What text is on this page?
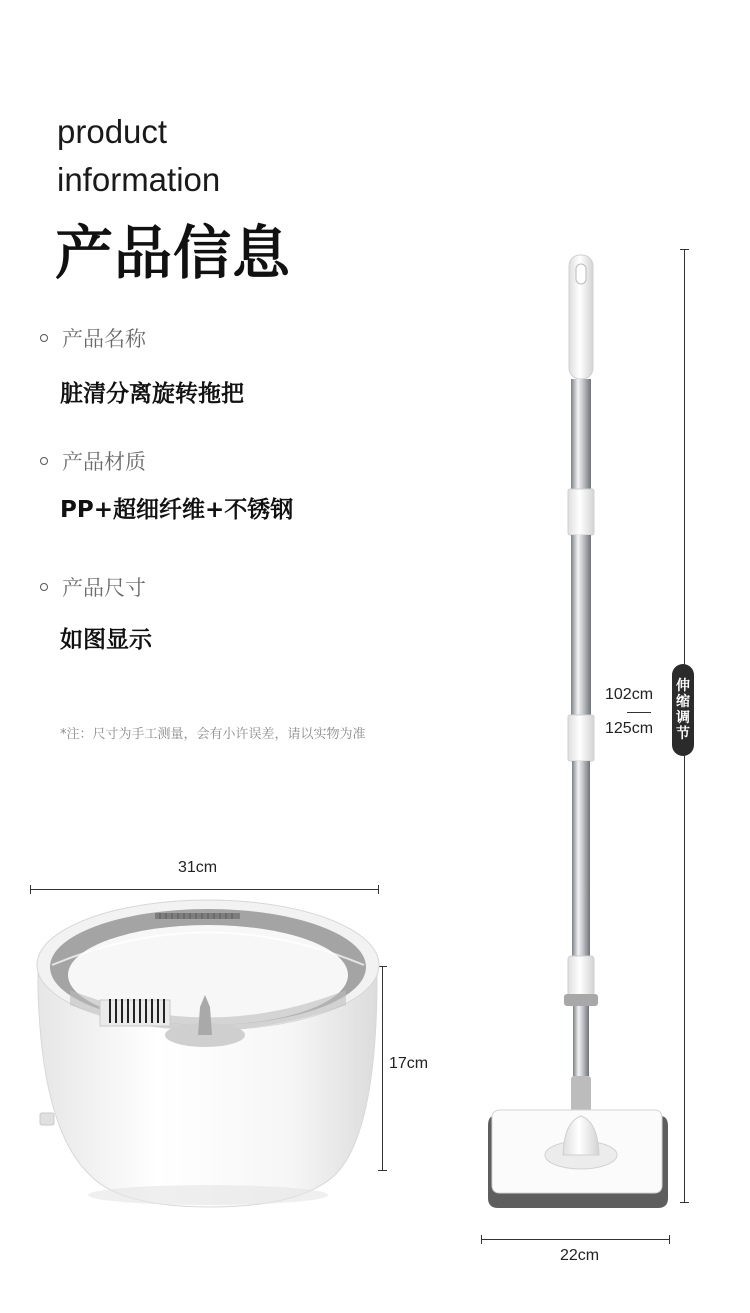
product
information
产品信息
产品名称
脏清分离旋转拖把
产品材质
PP+超细纤维+不锈钢
产品尺寸
如图显示
*注：尺寸为手工测量，会有小许误差，请以实物为准
31cm
17cm
伸
缩
调
节
102cm
125cm
22cm
